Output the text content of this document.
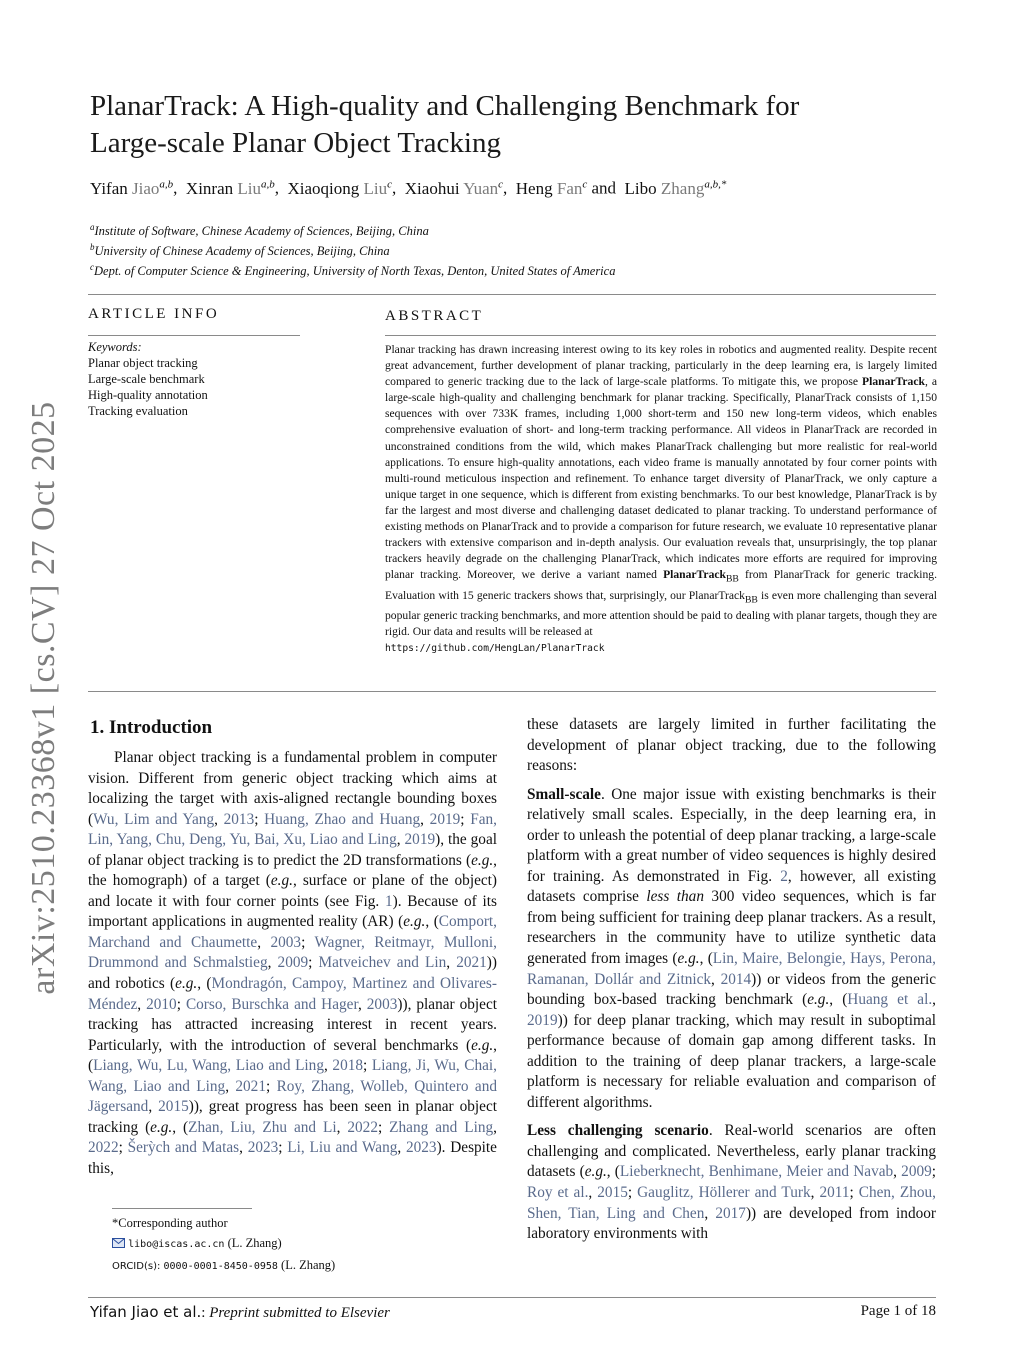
arXiv:2510.23368v1 [cs.CV] 27 Oct 2025
PlanarTrack: A High-quality and Challenging Benchmark for
Large-scale Planar Object Tracking
Yifan Jiao$^{a,b}$,  Xinran Liu$^{a,b}$,  Xiaoqiong Liu$^c$,  Xiaohui Yuan$^c$,  Heng Fan$^c$ and Libo Zhang$^{a,b,*}$
$^a$Institute of Software, Chinese Academy of Sciences, Beijing, China
$^b$University of Chinese Academy of Sciences, Beijing, China
$^c$Dept. of Computer Science & Engineering, University of North Texas, Denton, United States of America
ARTICLE INFO
Keywords:
Planar object tracking
Large-scale benchmark
High-quality annotation
Tracking evaluation
ABSTRACT
Planar tracking has drawn increasing interest owing to its key roles in robotics and augmented reality. Despite recent great advancement, further development of planar tracking, particularly in the deep learning era, is largely limited compared to generic tracking due to the lack of large-scale platforms. To mitigate this, we propose PlanarTrack, a large-scale high-quality and challenging benchmark for planar tracking. Specifically, PlanarTrack consists of 1,150 sequences with over 733K frames, including 1,000 short-term and 150 new long-term videos, which enables comprehensive evaluation of short- and long-term tracking performance. All videos in PlanarTrack are recorded in unconstrained conditions from the wild, which makes PlanarTrack challenging but more realistic for real-world applications. To ensure high-quality annotations, each video frame is manually annotated by four corner points with multi-round meticulous inspection and refinement. To enhance target diversity of PlanarTrack, we only capture a unique target in one sequence, which is different from existing benchmarks. To our best knowledge, PlanarTrack is by far the largest and most diverse and challenging dataset dedicated to planar tracking. To understand performance of existing methods on PlanarTrack and to provide a comparison for future research, we evaluate 10 representative planar trackers with extensive comparison and in-depth analysis. Our evaluation reveals that, unsurprisingly, the top planar trackers heavily degrade on the challenging PlanarTrack, which indicates more efforts are required for improving planar tracking. Moreover, we derive a variant named PlanarTrack$_{BB}$ from PlanarTrack for generic tracking. Evaluation with 15 generic trackers shows that, surprisingly, our PlanarTrack$_{BB}$ is even more challenging than several popular generic tracking benchmarks, and more attention should be paid to dealing with planar targets, though they are rigid. Our data and results will be released at
https://github.com/HengLan/PlanarTrack
1. Introduction

Planar object tracking is a fundamental problem in computer vision. Different from generic object tracking which aims at localizing the target with axis-aligned rectangle bounding boxes (Wu, Lim and Yang, 2013; Huang, Zhao and Huang, 2019; Fan, Lin, Yang, Chu, Deng, Yu, Bai, Xu, Liao and Ling, 2019), the goal of planar object tracking is to predict the 2D transformations (e.g., the homograph) of a target (e.g., surface or plane of the object) and locate it with four corner points (see Fig. 1). Because of its important applications in augmented reality (AR) (e.g., (Comport, Marchand and Chaumette, 2003; Wagner, Reitmayr, Mulloni, Drummond and Schmalstieg, 2009; Matveichev and Lin, 2021)) and robotics (e.g., (Mondragón, Campoy, Martinez and Olivares-Méndez, 2010; Corso, Burschka and Hager, 2003)), planar object tracking has attracted increasing interest in recent years. Particularly, with the introduction of several benchmarks (e.g., (Liang, Wu, Lu, Wang, Liao and Ling, 2018; Liang, Ji, Wu, Chai, Wang, Liao and Ling, 2021; Roy, Zhang, Wolleb, Quintero and Jägersand, 2015)), great progress has been seen in planar object tracking (e.g., (Zhan, Liu, Zhu and Li, 2022; Zhang and Ling, 2022; Šerỳch and Matas, 2023; Li, Liu and Wang, 2023). Despite this,

these datasets are largely limited in further facilitating the development of planar object tracking, due to the following reasons:

Small-scale. One major issue with existing benchmarks is their relatively small scales. Especially, in the deep learning era, in order to unleash the potential of deep planar tracking, a large-scale platform with a great number of video sequences is highly desired for training. As demonstrated in Fig. 2, however, all existing datasets comprise less than 300 video sequences, which is far from being sufficient for training deep planar trackers. As a result, researchers in the community have to utilize synthetic data generated from images (e.g., (Lin, Maire, Belongie, Hays, Perona, Ramanan, Dollár and Zitnick, 2014)) or videos from the generic bounding box-based tracking benchmark (e.g., (Huang et al., 2019)) for deep planar tracking, which may result in suboptimal performance because of domain gap among different tasks. In addition to the training of deep planar trackers, a large-scale platform is necessary for reliable evaluation and comparison of different algorithms.

Less challenging scenario. Real-world scenarios are often challenging and complicated. Nevertheless, early planar tracking datasets (e.g., (Lieberknecht, Benhimane, Meier and Navab, 2009; Roy et al., 2015; Gauglitz, Höllerer and Turk, 2011; Chen, Zhou, Shen, Tian, Ling and Chen, 2017)) are developed from indoor laboratory environments with

*Corresponding author
libo@iscas.ac.cn (L. Zhang)
ORCID(s): 0000-0001-8450-0958 (L. Zhang)
Yifan Jiao et al.: Preprint submitted to Elsevier	Page 1 of 18
